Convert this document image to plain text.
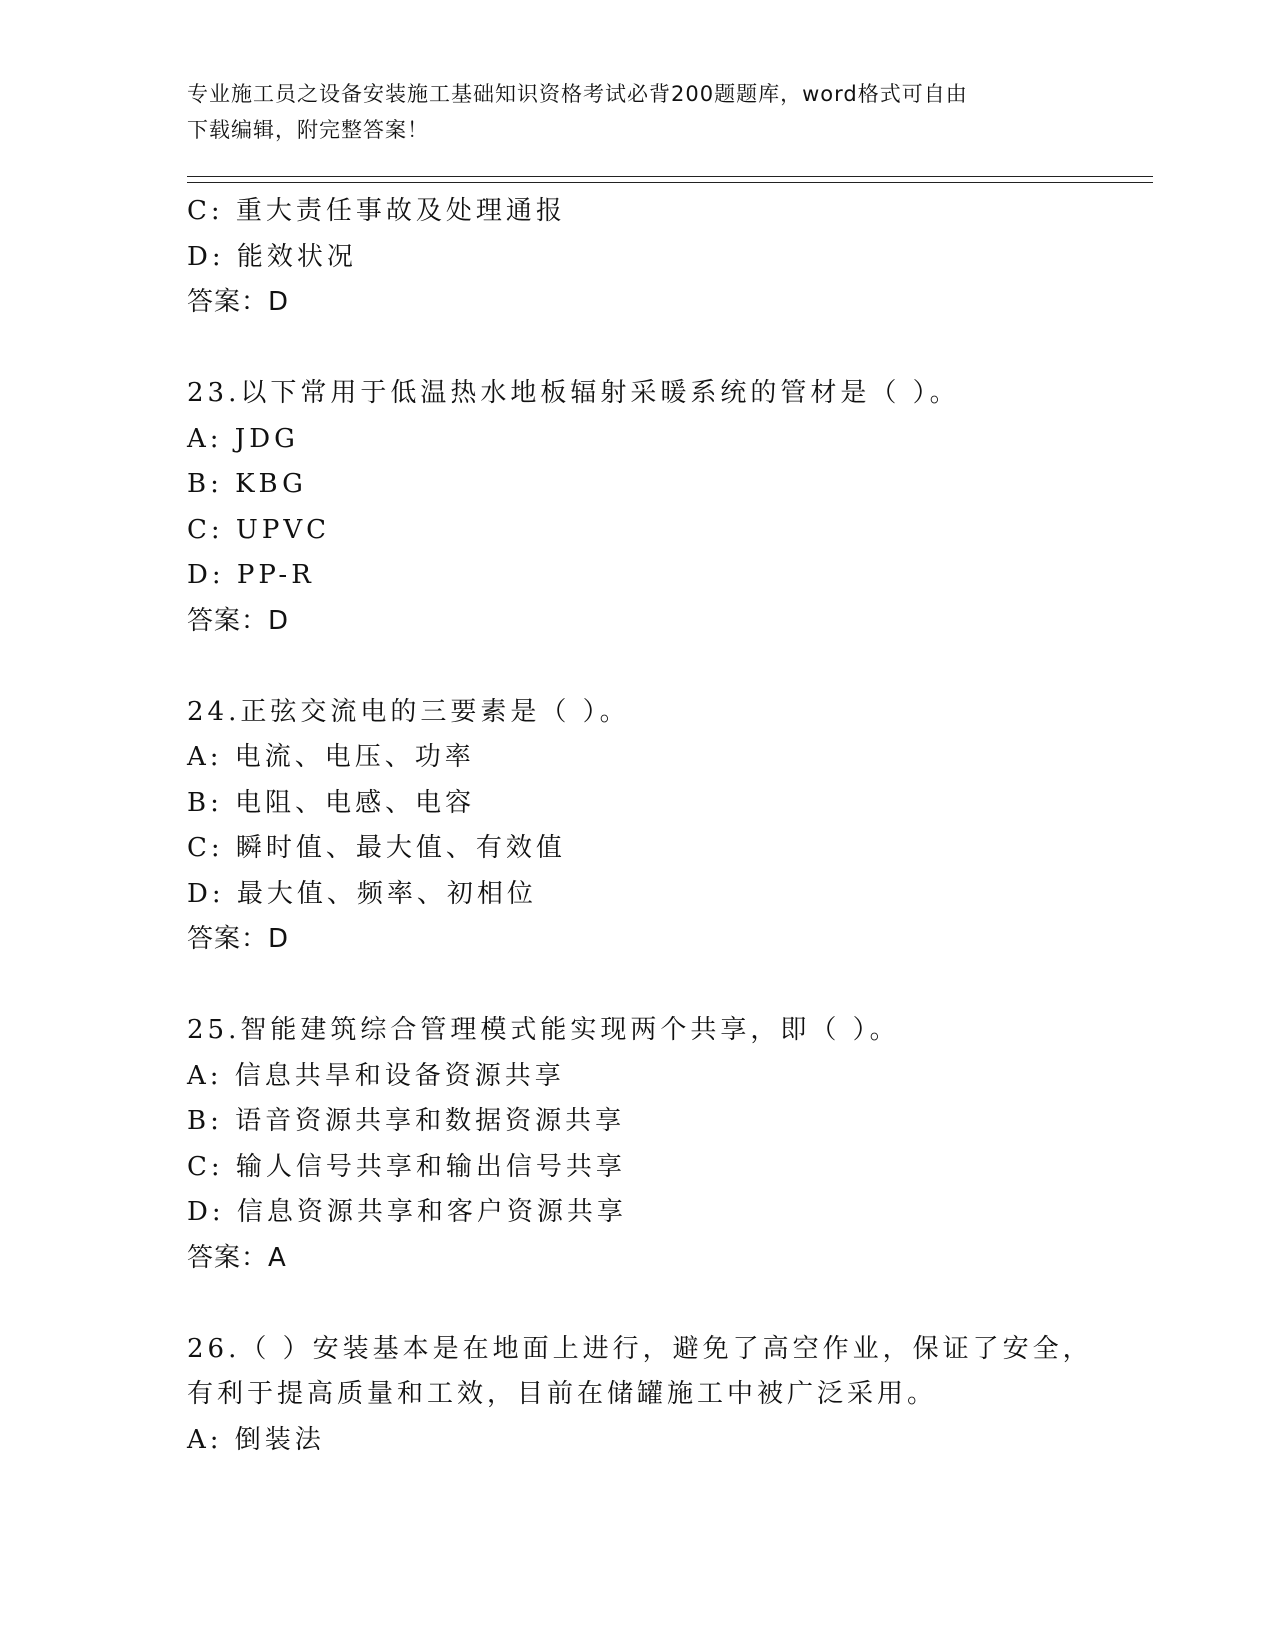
专业施工员之设备安装施工基础知识资格考试必背200题题库，word格式可自由
下载编辑，附完整答案！
C: 重大责任事故及处理通报
D: 能效状况
答案：D
23.以下常用于低温热水地板辐射采暖系统的管材是（ ）。
A: JDG
B: KBG
C: UPVC
D: PP-R
答案：D
24.正弦交流电的三要素是（ ）。
A: 电流、电压、功率
B: 电阻、电感、电容
C: 瞬时值、最大值、有效值
D: 最大值、频率、初相位
答案：D
25.智能建筑综合管理模式能实现两个共享，即（ ）。
A: 信息共旱和设备资源共享
B: 语音资源共享和数据资源共享
C: 输人信号共享和输出信号共享
D: 信息资源共享和客户资源共享
答案：A
26.（ ）安装基本是在地面上进行，避免了高空作业，保证了安全，
有利于提高质量和工效，目前在储罐施工中被广泛采用。
A: 倒装法
